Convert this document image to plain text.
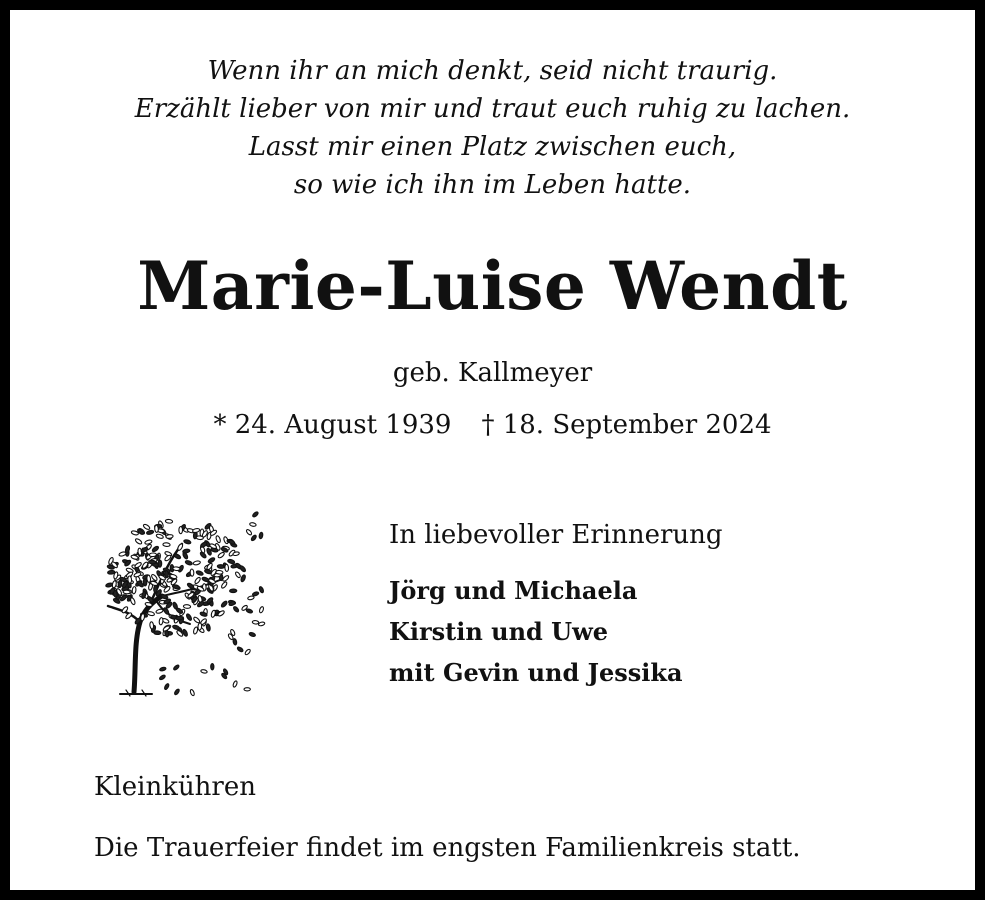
Wenn ihr an mich denkt, seid nicht traurig.
Erzählt lieber von mir und traut euch ruhig zu lachen.
Lasst mir einen Platz zwischen euch,
so wie ich ihn im Leben hatte.
Marie-Luise Wendt
geb. Kallmeyer
* 24. August 1939 † 18. September 2024
In liebevoller Erinnerung
Jörg und Michaela
Kirstin und Uwe
mit Gevin und Jessika
Kleinkühren
Die Trauerfeier findet im engsten Familienkreis statt.
